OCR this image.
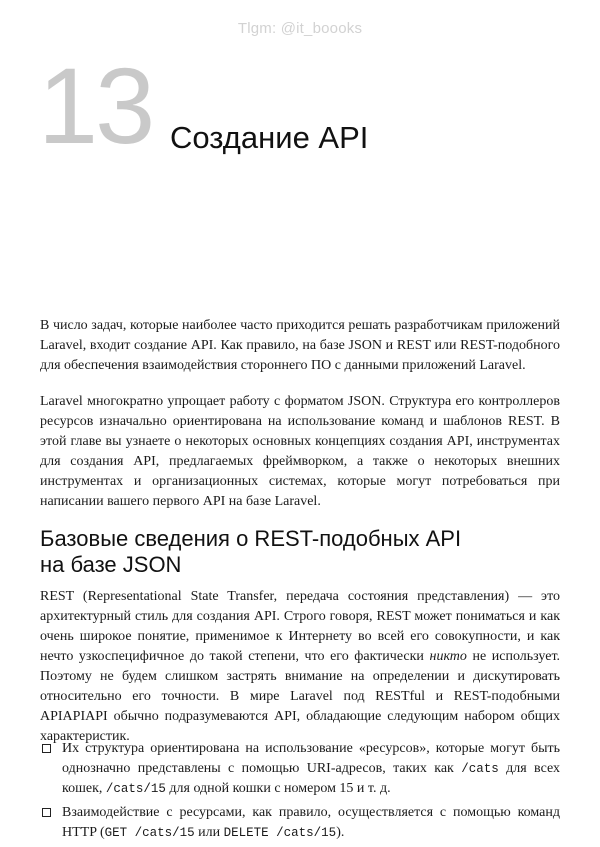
Tlgm: @it_boooks
13 Создание API

В число задач, которые наиболее часто приходится решать разработчикам приложений Laravel, входит создание API. Как правило, на базе JSON и REST или REST-подобного для обеспечения взаимодействия стороннего ПО с данными приложений Laravel.

Laravel многократно упрощает работу с форматом JSON. Структура его контроллеров ресурсов изначально ориентирована на использование команд и шаблонов REST. В этой главе вы узнаете о некоторых основных концепциях создания API, инструментах для создания API, предлагаемых фреймворком, а также о некоторых внешних инструментах и организационных системах, которые могут потребоваться при написании вашего первого API на базе Laravel.

Базовые сведения о REST-подобных API
на базе JSON

REST (Representational State Transfer, передача состояния представления) — это архитектурный стиль для создания API. Строго говоря, REST может пониматься и как очень широкое понятие, применимое к Интернету во всей его совокупности, и как нечто узкоспецифичное до такой степени, что его фактически никто не использует. Поэтому не будем слишком застрять внимание на определении и дискутировать относительно его точности. В мире Laravel под RESTful и REST-подобными APIAPIAPI обычно подразумеваются API, обладающие следующим набором общих характеристик.

Их структура ориентирована на использование «ресурсов», которые могут быть однозначно представлены с помощью URI-адресов, таких как /cats для всех кошек, /cats/15 для одной кошки с номером 15 и т. д.
Взаимодействие с ресурсами, как правило, осуществляется с помощью команд HTTP (GET /cats/15 или DELETE /cats/15).
